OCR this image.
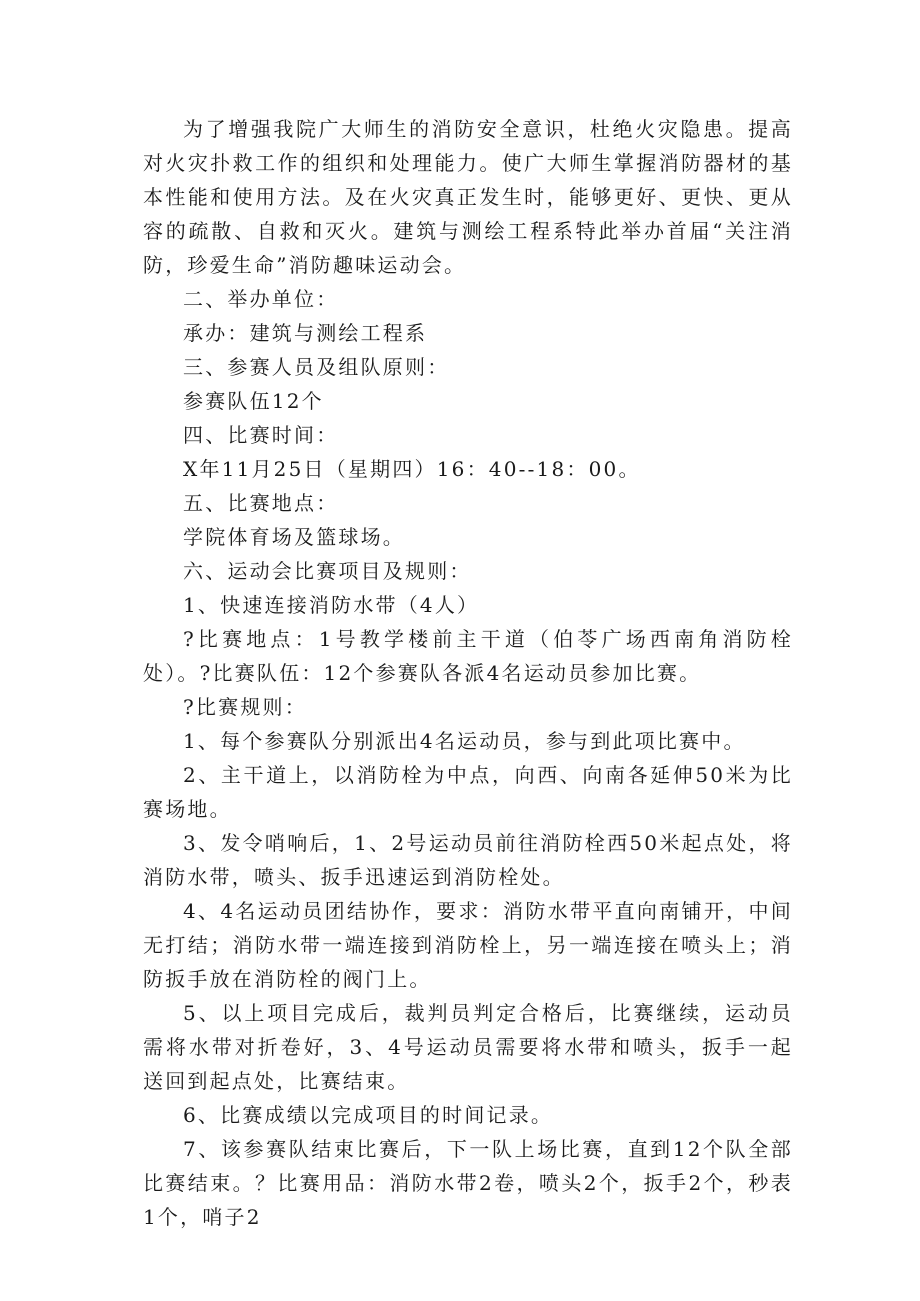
为了增强我院广大师生的消防安全意识，杜绝火灾隐患。提高对火灾扑救工作的组织和处理能力。使广大师生掌握消防器材的基本性能和使用方法。及在火灾真正发生时，能够更好、更快、更从容的疏散、自救和灭火。建筑与测绘工程系特此举办首届“关注消防，珍爱生命”消防趣味运动会。

二、举办单位：

承办：建筑与测绘工程系

三、参赛人员及组队原则：

参赛队伍12个

四、比赛时间：

X年11月25日（星期四）16：40--18：00。

五、比赛地点：

学院体育场及篮球场。

六、运动会比赛项目及规则：

1、快速连接消防水带（4人）

?比赛地点：1号教学楼前主干道（伯苓广场西南角消防栓处）。?比赛队伍：12个参赛队各派4名运动员参加比赛。

?比赛规则：

1、每个参赛队分别派出4名运动员，参与到此项比赛中。

2、主干道上，以消防栓为中点，向西、向南各延伸50米为比赛场地。

3、发令哨响后，1、2号运动员前往消防栓西50米起点处，将消防水带，喷头、扳手迅速运到消防栓处。

4、4名运动员团结协作，要求：消防水带平直向南铺开，中间无打结；消防水带一端连接到消防栓上，另一端连接在喷头上；消防扳手放在消防栓的阀门上。

5、以上项目完成后，裁判员判定合格后，比赛继续，运动员需将水带对折卷好，3、4号运动员需要将水带和喷头，扳手一起送回到起点处，比赛结束。

6、比赛成绩以完成项目的时间记录。

7、该参赛队结束比赛后，下一队上场比赛，直到12个队全部比赛结束。？比赛用品：消防水带2卷，喷头2个，扳手2个，秒表1个，哨子2
